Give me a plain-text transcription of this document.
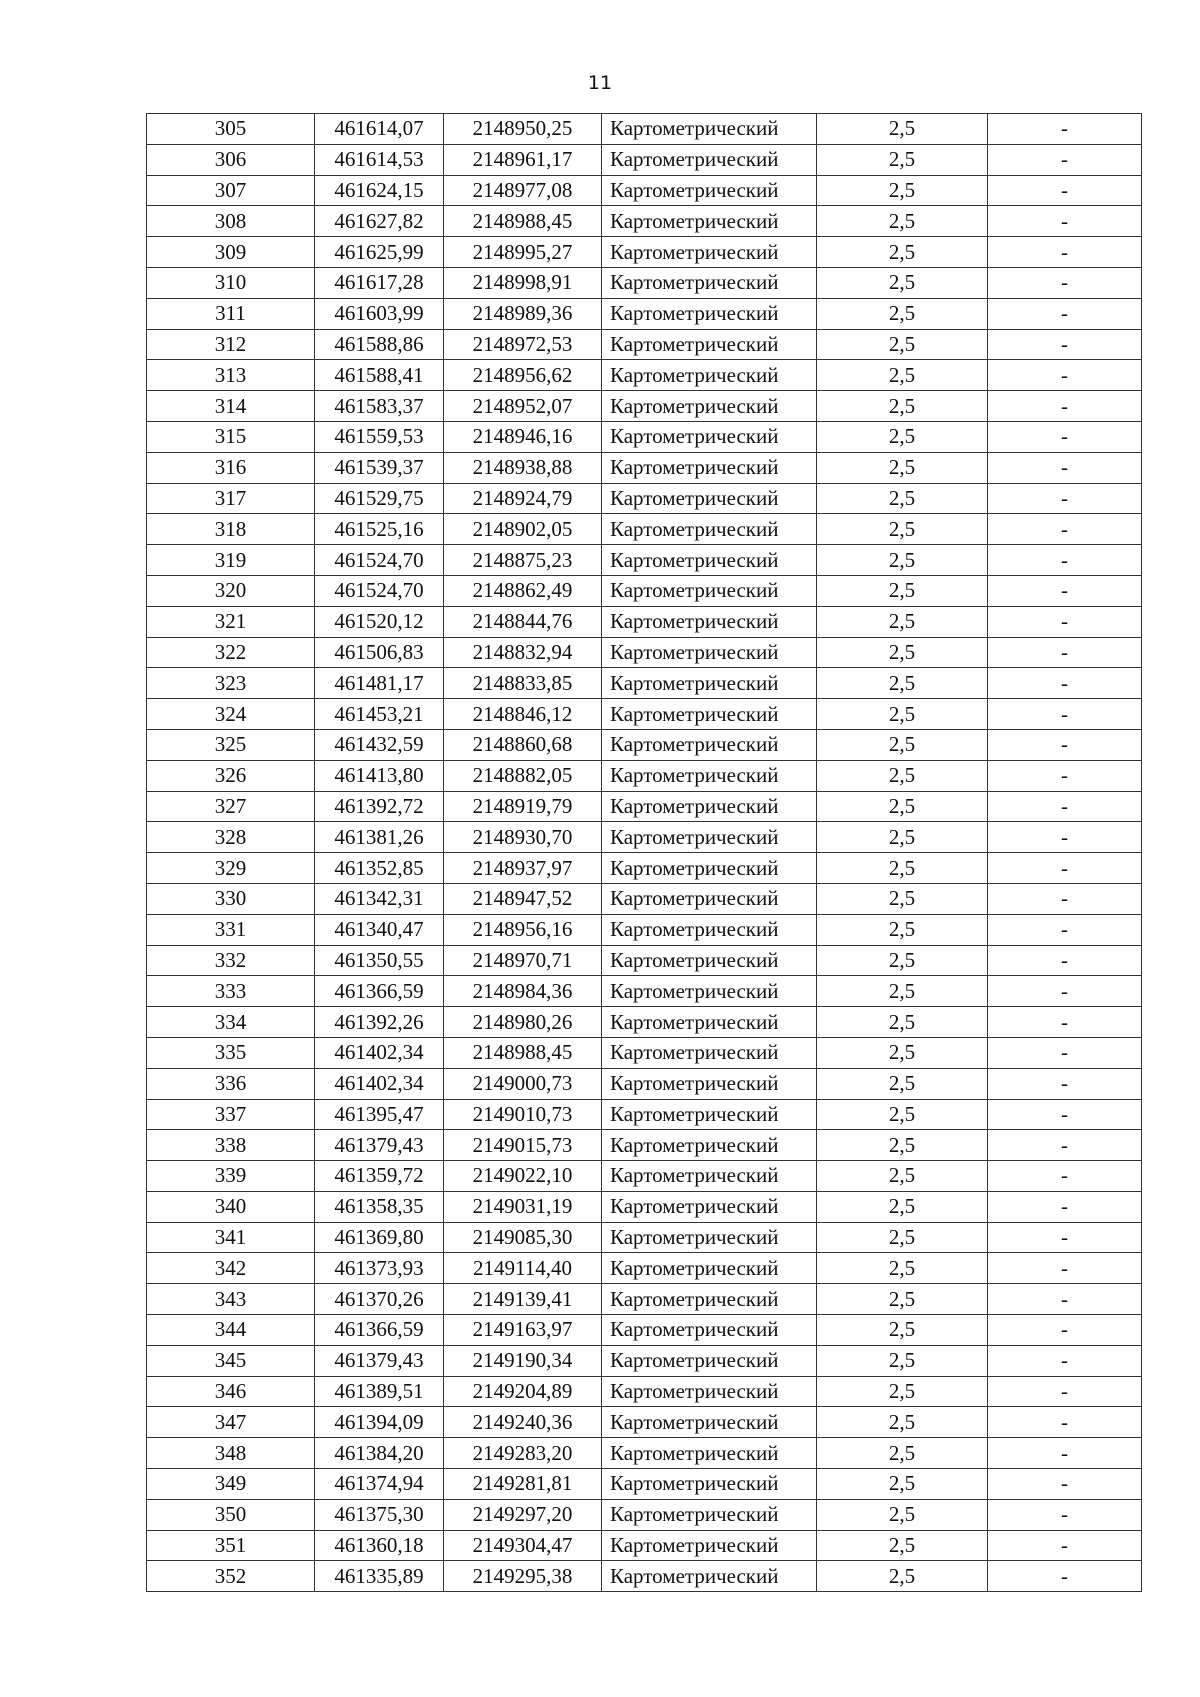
11
305	461614,07	2148950,25	Картометрический	2,5	-
306	461614,53	2148961,17	Картометрический	2,5	-
307	461624,15	2148977,08	Картометрический	2,5	-
308	461627,82	2148988,45	Картометрический	2,5	-
309	461625,99	2148995,27	Картометрический	2,5	-
310	461617,28	2148998,91	Картометрический	2,5	-
311	461603,99	2148989,36	Картометрический	2,5	-
312	461588,86	2148972,53	Картометрический	2,5	-
313	461588,41	2148956,62	Картометрический	2,5	-
314	461583,37	2148952,07	Картометрический	2,5	-
315	461559,53	2148946,16	Картометрический	2,5	-
316	461539,37	2148938,88	Картометрический	2,5	-
317	461529,75	2148924,79	Картометрический	2,5	-
318	461525,16	2148902,05	Картометрический	2,5	-
319	461524,70	2148875,23	Картометрический	2,5	-
320	461524,70	2148862,49	Картометрический	2,5	-
321	461520,12	2148844,76	Картометрический	2,5	-
322	461506,83	2148832,94	Картометрический	2,5	-
323	461481,17	2148833,85	Картометрический	2,5	-
324	461453,21	2148846,12	Картометрический	2,5	-
325	461432,59	2148860,68	Картометрический	2,5	-
326	461413,80	2148882,05	Картометрический	2,5	-
327	461392,72	2148919,79	Картометрический	2,5	-
328	461381,26	2148930,70	Картометрический	2,5	-
329	461352,85	2148937,97	Картометрический	2,5	-
330	461342,31	2148947,52	Картометрический	2,5	-
331	461340,47	2148956,16	Картометрический	2,5	-
332	461350,55	2148970,71	Картометрический	2,5	-
333	461366,59	2148984,36	Картометрический	2,5	-
334	461392,26	2148980,26	Картометрический	2,5	-
335	461402,34	2148988,45	Картометрический	2,5	-
336	461402,34	2149000,73	Картометрический	2,5	-
337	461395,47	2149010,73	Картометрический	2,5	-
338	461379,43	2149015,73	Картометрический	2,5	-
339	461359,72	2149022,10	Картометрический	2,5	-
340	461358,35	2149031,19	Картометрический	2,5	-
341	461369,80	2149085,30	Картометрический	2,5	-
342	461373,93	2149114,40	Картометрический	2,5	-
343	461370,26	2149139,41	Картометрический	2,5	-
344	461366,59	2149163,97	Картометрический	2,5	-
345	461379,43	2149190,34	Картометрический	2,5	-
346	461389,51	2149204,89	Картометрический	2,5	-
347	461394,09	2149240,36	Картометрический	2,5	-
348	461384,20	2149283,20	Картометрический	2,5	-
349	461374,94	2149281,81	Картометрический	2,5	-
350	461375,30	2149297,20	Картометрический	2,5	-
351	461360,18	2149304,47	Картометрический	2,5	-
352	461335,89	2149295,38	Картометрический	2,5	-
